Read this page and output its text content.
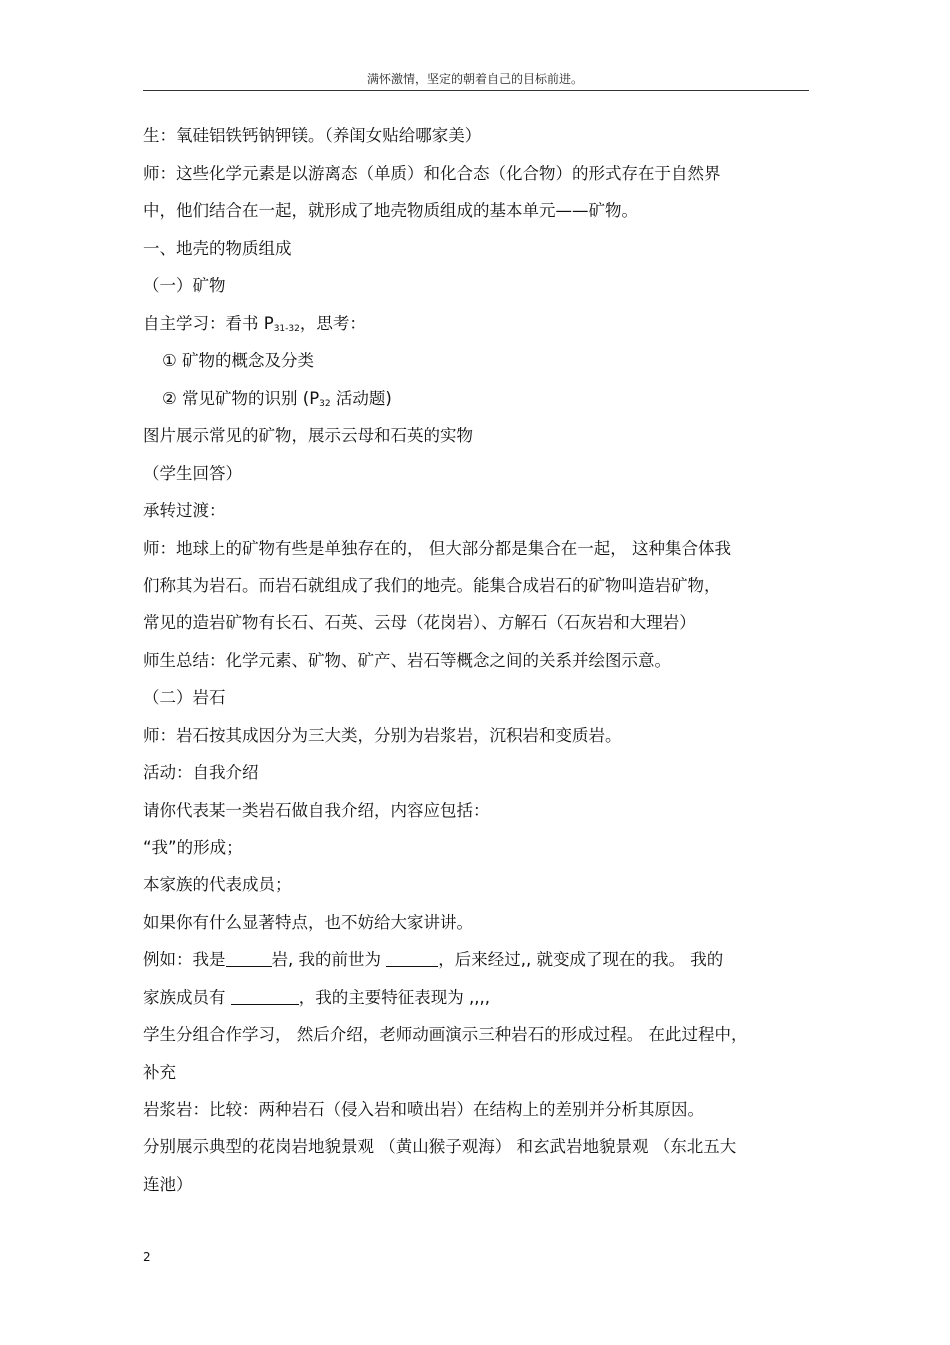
满怀激情，坚定的朝着自己的目标前进。
生：氧硅铝铁钙钠钾镁。（养闺女贴给哪家美）
师：这些化学元素是以游离态（单质）和化合态（化合物）的形式存在于自然界
中，他们结合在一起，就形成了地壳物质组成的基本单元——矿物。
一、地壳的物质组成
（一）矿物
自主学习：看书 $P_{31-32}$，思考：
① 矿物的概念及分类
② 常见矿物的识别 ($P_{32}$ 活动题)
图片展示常见的矿物，展示云母和石英的实物
（学生回答）
承转过渡：
师：地球上的矿物有些是单独存在的， 但大部分都是集合在一起， 这种集合体我
们称其为岩石。而岩石就组成了我们的地壳。能集合成岩石的矿物叫造岩矿物，
常见的造岩矿物有长石、石英、云母（花岗岩）、方解石（石灰岩和大理岩）
师生总结：化学元素、矿物、矿产、岩石等概念之间的关系并绘图示意。
（二）岩石
师：岩石按其成因分为三大类，分别为岩浆岩，沉积岩和变质岩。
活动：自我介绍
请你代表某一类岩石做自我介绍，内容应包括：
“我”的形成；
本家族的代表成员；
如果你有什么显著特点，也不妨给大家讲讲。
例如：我是	岩, 我的前世为	，后来经过,, 就变成了现在的我。 我的
家族成员有	，我的主要特征表现为 ,,,,
学生分组合作学习， 然后介绍，老师动画演示三种岩石的形成过程。 在此过程中，
补充
岩浆岩：比较：两种岩石（侵入岩和喷出岩）在结构上的差别并分析其原因。
分别展示典型的花岗岩地貌景观 （黄山猴子观海） 和玄武岩地貌景观 （东北五大
连池）
2
